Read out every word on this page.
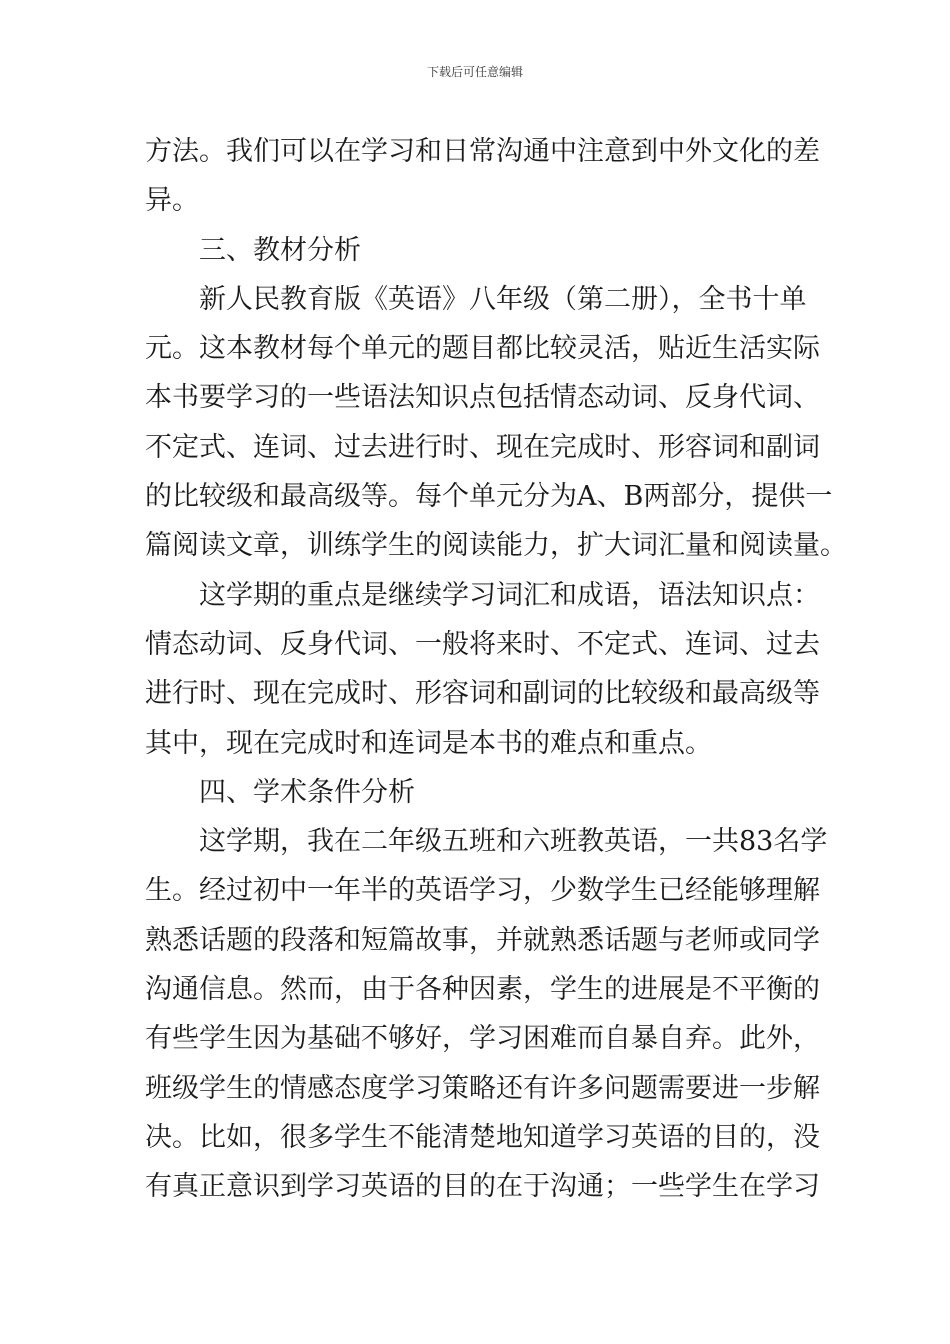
下载后可任意编辑
方法。我们可以在学习和日常沟通中注意到中外文化的差
异。
三、教材分析
新人民教育版《英语》八年级（第二册），全书十单
元。这本教材每个单元的题目都比较灵活，贴近生活实际
本书要学习的一些语法知识点包括情态动词、反身代词、
不定式、连词、过去进行时、现在完成时、形容词和副词
的比较级和最高级等。每个单元分为A、B两部分，提供一
篇阅读文章，训练学生的阅读能力，扩大词汇量和阅读量。
这学期的重点是继续学习词汇和成语，语法知识点：
情态动词、反身代词、一般将来时、不定式、连词、过去
进行时、现在完成时、形容词和副词的比较级和最高级等
其中，现在完成时和连词是本书的难点和重点。
四、学术条件分析
这学期，我在二年级五班和六班教英语，一共83名学
生。经过初中一年半的英语学习，少数学生已经能够理解
熟悉话题的段落和短篇故事，并就熟悉话题与老师或同学
沟通信息。然而，由于各种因素，学生的进展是不平衡的
有些学生因为基础不够好，学习困难而自暴自弃。此外，
班级学生的情感态度学习策略还有许多问题需要进一步解
决。比如，很多学生不能清楚地知道学习英语的目的，没
有真正意识到学习英语的目的在于沟通；一些学生在学习
